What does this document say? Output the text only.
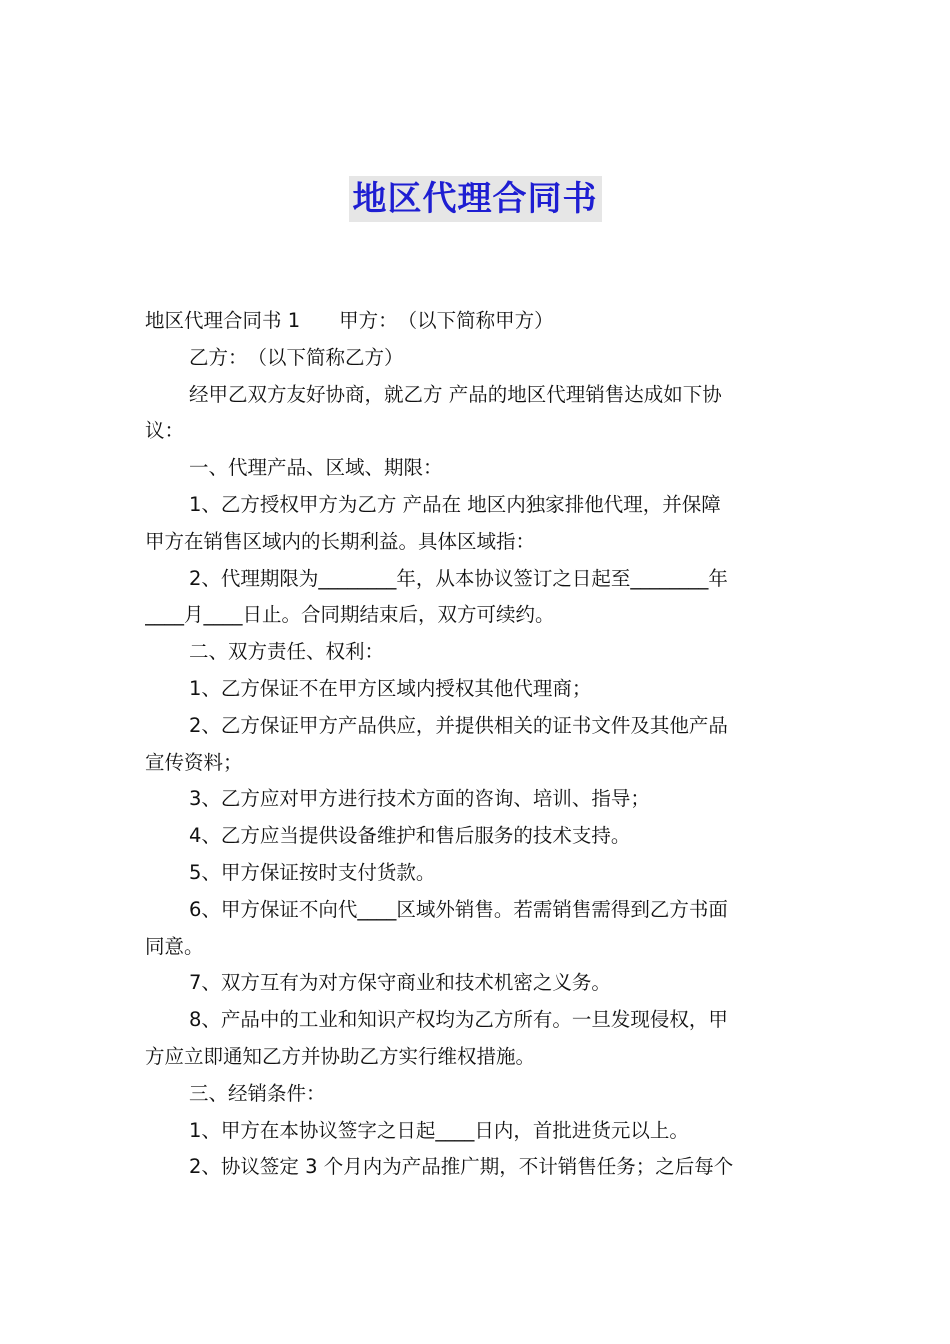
地区代理合同书
地区代理合同书 1　　甲方：　（以下简称甲方）
乙方：　（以下简称乙方）
经甲乙双方友好协商，就乙方 产品的地区代理销售达成如下协
议：
一、代理产品、区域、期限：
1、乙方授权甲方为乙方 产品在 地区内独家排他代理，并保障
甲方在销售区域内的长期利益。具体区域指：
2、代理期限为________年，从本协议签订之日起至________年
____月____日止。合同期结束后，双方可续约。
二、双方责任、权利：
1、乙方保证不在甲方区域内授权其他代理商；
2、乙方保证甲方产品供应，并提供相关的证书文件及其他产品
宣传资料；
3、乙方应对甲方进行技术方面的咨询、培训、指导；
4、乙方应当提供设备维护和售后服务的技术支持。
5、甲方保证按时支付货款。
6、甲方保证不向代____区域外销售。若需销售需得到乙方书面
同意。
7、双方互有为对方保守商业和技术机密之义务。
8、产品中的工业和知识产权均为乙方所有。一旦发现侵权，甲
方应立即通知乙方并协助乙方实行维权措施。
三、经销条件：
1、甲方在本协议签字之日起____日内，首批进货元以上。
2、协议签定 3 个月内为产品推广期，不计销售任务；之后每个
